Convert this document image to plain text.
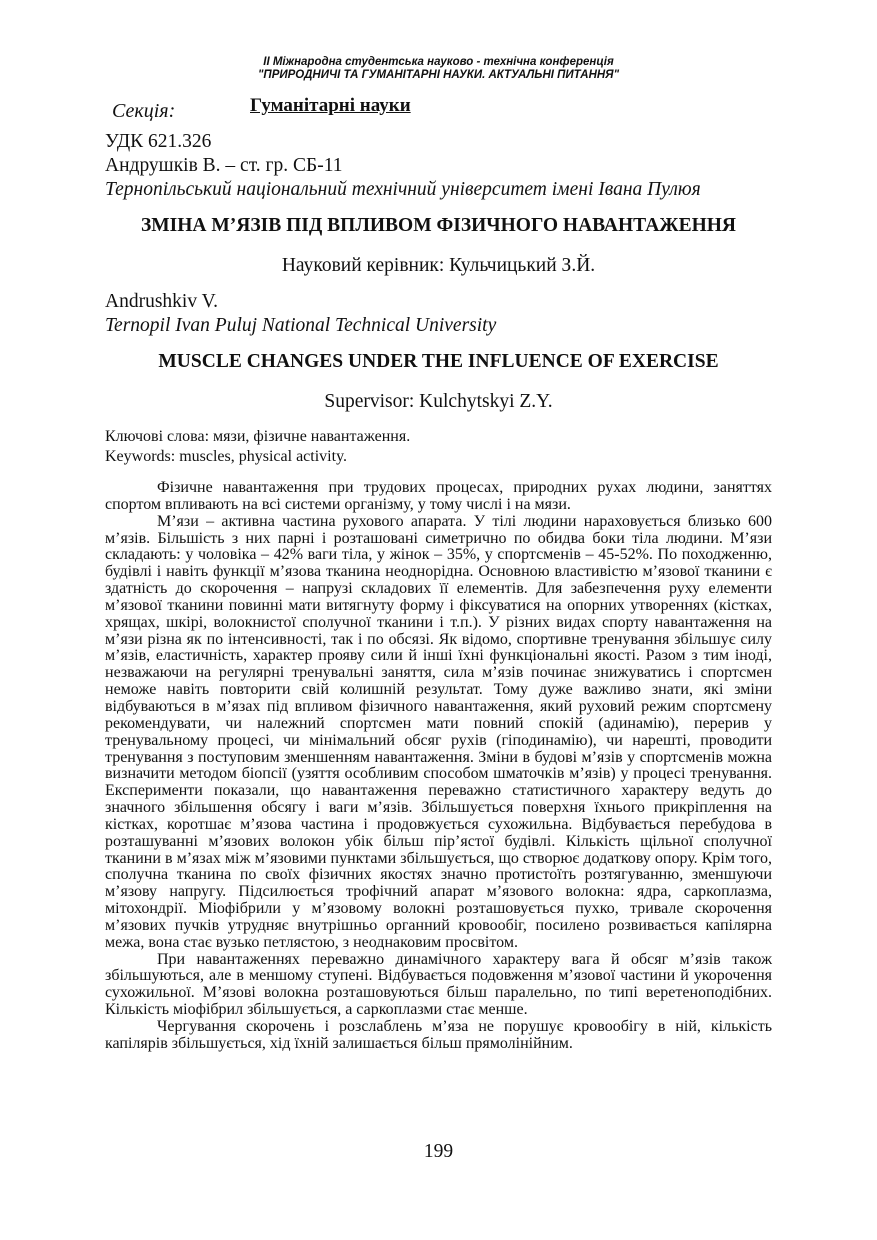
II Міжнародна студентська науково - технічна конференція
"ПРИРОДНИЧІ ТА ГУМАНІТАРНІ НАУКИ. АКТУАЛЬНІ ПИТАННЯ"
Секція:	Гуманітарні науки
УДК 621.326
Андрушків В. – ст. гр. СБ-11
Тернопільський національний технічний університет імені Івана Пулюя
ЗМІНА М’ЯЗІВ ПІД ВПЛИВОМ ФІЗИЧНОГО НАВАНТАЖЕННЯ
Науковий керівник: Кульчицький З.Й.
Andrushkiv V.
Ternopil Ivan Puluj National Technical University
MUSCLE CHANGES UNDER THE INFLUENCE OF EXERCISE
Supervisor: Kulchytskyi Z.Y.
Ключові слова: мязи, фізичне навантаження.
Keywords: muscles, physical activity.

Фізичне навантаження при трудових процесах, природних рухах людини, заняттях спортом впливають на всі системи організму, у тому числі і на мязи.

М’язи – активна частина рухового апарата. У тілі людини нараховується близько 600 м’язів. Більшість з них парні і розташовані симетрично по обидва боки тіла людини. М’язи складають: у чоловіка – 42% ваги тіла, у жінок – 35%, у спортсменів – 45-52%. По походженню, будівлі і навіть функції м’язова тканина неоднорідна. Основною властивістю м’язової тканини є здатність до скорочення – напрузі складових її елементів. Для забезпечення руху елементи м’язової тканини повинні мати витягнуту форму і фіксуватися на опорних утвореннях (кістках, хрящах, шкірі, волокнистої сполучної тканини і т.п.). У різних видах спорту навантаження на м’язи різна як по інтенсивності, так і по обсязі. Як відомо, спортивне тренування збільшує силу м’язів, еластичність, характер прояву сили й інші їхні функціональні якості. Разом з тим іноді, незважаючи на регулярні тренувальні заняття, сила м’язів починає знижуватись і спортсмен неможе навіть повторити свій колишній результат. Тому дуже важливо знати, які зміни відбуваються в м’язах під впливом фізичного навантаження, який руховий режим спортсмену рекомендувати, чи належний спортсмен мати повний спокій (адинамію), перерив у тренувальному процесі, чи мінімальний обсяг рухів (гіподинамію), чи нарешті, проводити тренування з поступовим зменшенням навантаження. Зміни в будові м’язів у спортсменів можна визначити методом біопсії (узяття особливим способом шматочків м’язів) у процесі тренування. Експерименти показали, що навантаження переважно статистичного характеру ведуть до значного збільшення обсягу і ваги м’язів. Збільшується поверхня їхнього прикріплення на кістках, коротшає м’язова частина і продовжується сухожильна. Відбувається перебудова в розташуванні м’язових волокон убік більш пір’ястої будівлі. Кількість щільної сполучної тканини в м’язах між м’язовими пунктами збільшується, що створює додаткову опору. Крім того, сполучна тканина по своїх фізичних якостях значно протистоїть розтягуванню, зменшуючи м’язову напругу. Підсилюється трофічний апарат м’язового волокна: ядра, саркоплазма, мітохондрії. Міофібрили у м’язовому волокні розташовується пухко, тривале скорочення м’язових пучків утрудняє внутрішньо органний кровообіг, посилено розвивається капілярна межа, вона стає вузько петлястою, з неоднаковим просвітом.

При навантаженнях переважно динамічного характеру вага й обсяг м’язів також збільшуються, але в меншому ступені. Відбувається подовження м’язової частини й укорочення сухожильної. М’язові волокна розташовуються більш паралельно, по типі веретеноподібних. Кількість міофібрил збільшується, а саркоплазми стає менше.

Чергування скорочень і розслаблень м’яза не порушує кровообігу в ній, кількість капілярів збільшується, хід їхній залишається більш прямолінійним.

199
